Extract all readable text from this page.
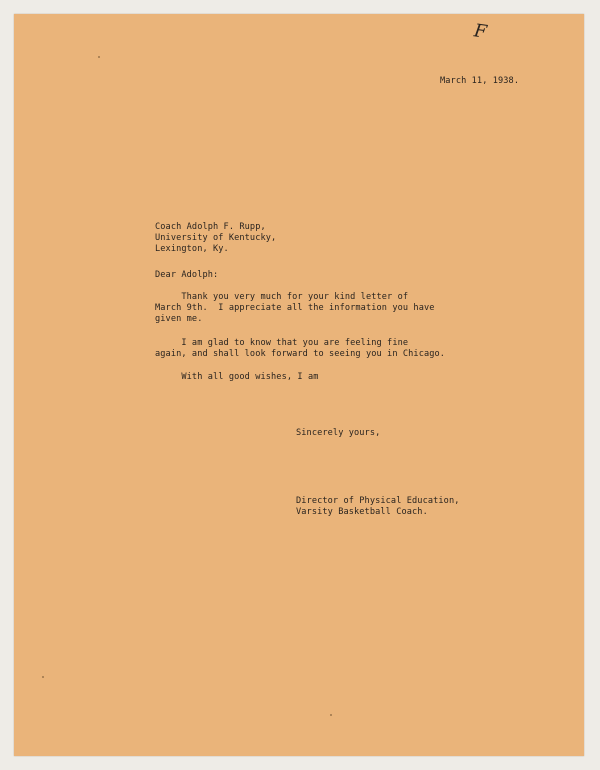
F
March 11, 1938.
Coach Adolph F. Rupp,
University of Kentucky,
Lexington, Ky.
Dear Adolph:
Thank you very much for your kind letter of
March 9th.  I appreciate all the information you have
given me.
I am glad to know that you are feeling fine
again, and shall look forward to seeing you in Chicago.
With all good wishes, I am
Sincerely yours,
Director of Physical Education,
Varsity Basketball Coach.
